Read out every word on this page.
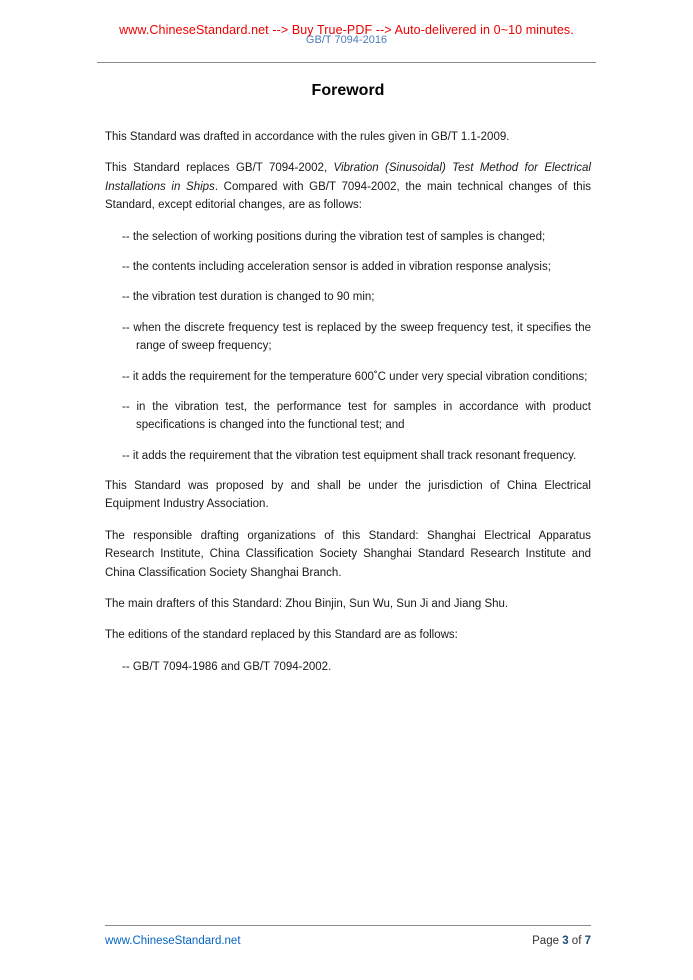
www.ChineseStandard.net --> Buy True-PDF --> Auto-delivered in 0~10 minutes.
GB/T 7094-2016
Foreword

This Standard was drafted in accordance with the rules given in GB/T 1.1-2009.

This Standard replaces GB/T 7094-2002, Vibration (Sinusoidal) Test Method for Electrical Installations in Ships. Compared with GB/T 7094-2002, the main technical changes of this Standard, except editorial changes, are as follows:

-- the selection of working positions during the vibration test of samples is changed;

-- the contents including acceleration sensor is added in vibration response analysis;

-- the vibration test duration is changed to 90 min;

-- when the discrete frequency test is replaced by the sweep frequency test, it specifies the range of sweep frequency;

-- it adds the requirement for the temperature 600˚C under very special vibration conditions;

-- in the vibration test, the performance test for samples in accordance with product specifications is changed into the functional test; and

-- it adds the requirement that the vibration test equipment shall track resonant frequency.

This Standard was proposed by and shall be under the jurisdiction of China Electrical Equipment Industry Association.

The responsible drafting organizations of this Standard: Shanghai Electrical Apparatus Research Institute, China Classification Society Shanghai Standard Research Institute and China Classification Society Shanghai Branch.

The main drafters of this Standard: Zhou Binjin, Sun Wu, Sun Ji and Jiang Shu.

The editions of the standard replaced by this Standard are as follows:

-- GB/T 7094-1986 and GB/T 7094-2002.

www.ChineseStandard.net	Page 3 of 7
